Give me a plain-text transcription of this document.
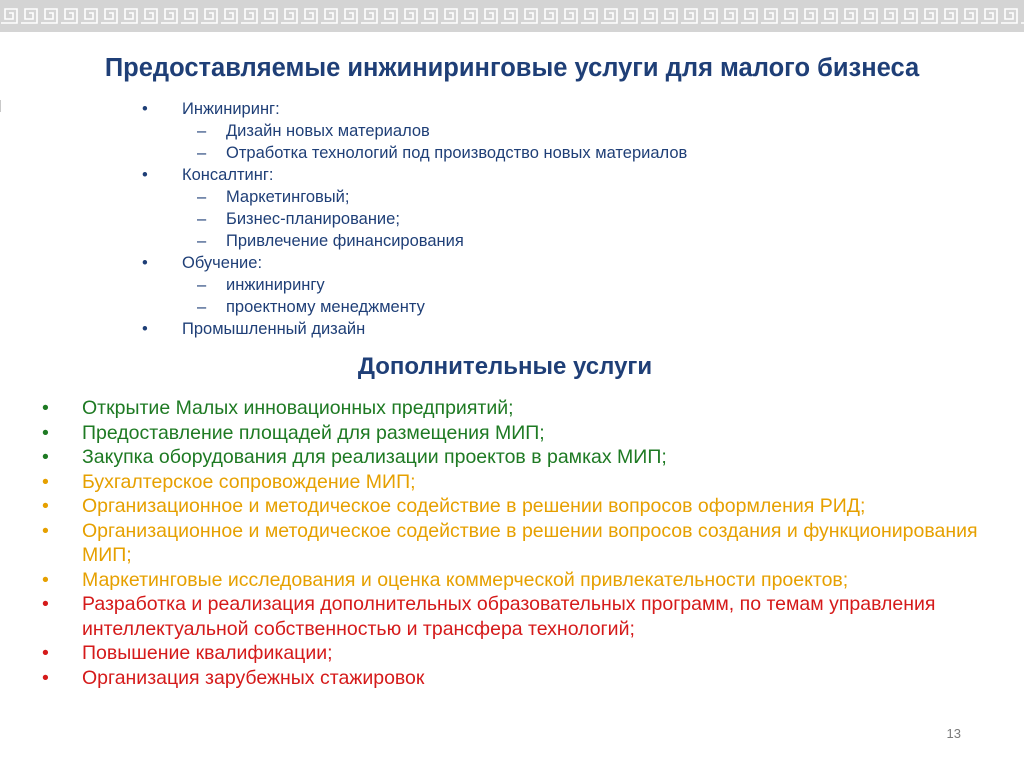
Предоставляемые инжиниринговые услуги для малого бизнеса
• Инжиниринг:
– Дизайн новых материалов
– Отработка технологий под производство новых материалов
• Консалтинг:
– Маркетинговый;
– Бизнес-планирование;
– Привлечение финансирования
• Обучение:
– инжинирингу
– проектному менеджменту
• Промышленный дизайн
Дополнительные услуги
• Открытие Малых инновационных предприятий;
• Предоставление площадей для размещения МИП;
• Закупка оборудования для реализации проектов в рамках МИП;
• Бухгалтерское сопровождение МИП;
• Организационное и методическое содействие в решении вопросов оформления РИД;
• Организационное и методическое содействие в решении вопросов создания и функционирования МИП;
• Маркетинговые исследования и оценка коммерческой привлекательности проектов;
• Разработка и реализация дополнительных образовательных программ, по темам управления интеллектуальной собственностью и трансфера технологий;
• Повышение квалификации;
• Организация зарубежных стажировок
13
